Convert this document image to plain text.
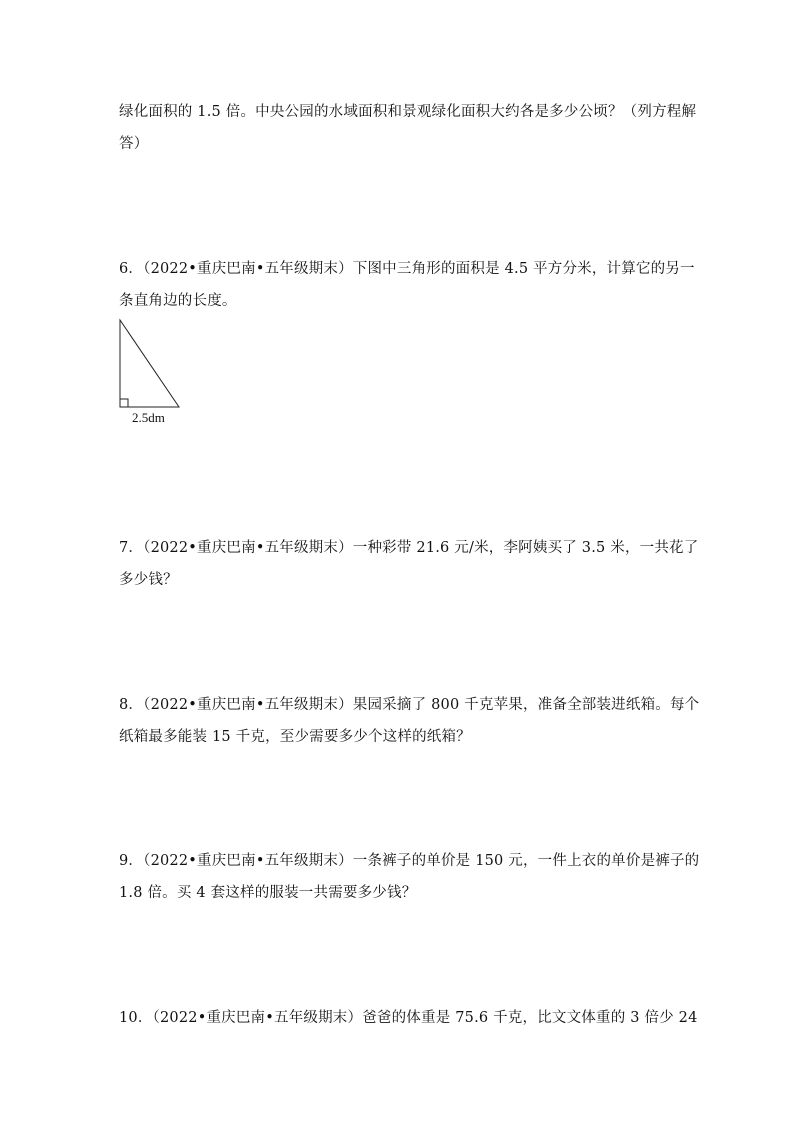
绿化面积的 1.5 倍。中央公园的水域面积和景观绿化面积大约各是多少公顷？（列方程解
答）
6．（2022•重庆巴南•五年级期末）下图中三角形的面积是 4.5 平方分米，计算它的另一
条直角边的长度。
2.5dm
7．（2022•重庆巴南•五年级期末）一种彩带 21.6 元/米，李阿姨买了 3.5 米，一共花了
多少钱？
8．（2022•重庆巴南•五年级期末）果园采摘了 800 千克苹果，准备全部装进纸箱。每个
纸箱最多能装 15 千克，至少需要多少个这样的纸箱？
9．（2022•重庆巴南•五年级期末）一条裤子的单价是 150 元，一件上衣的单价是裤子的
1.8 倍。买 4 套这样的服装一共需要多少钱？
10．（2022•重庆巴南•五年级期末）爸爸的体重是 75.6 千克，比文文体重的 3 倍少 24
